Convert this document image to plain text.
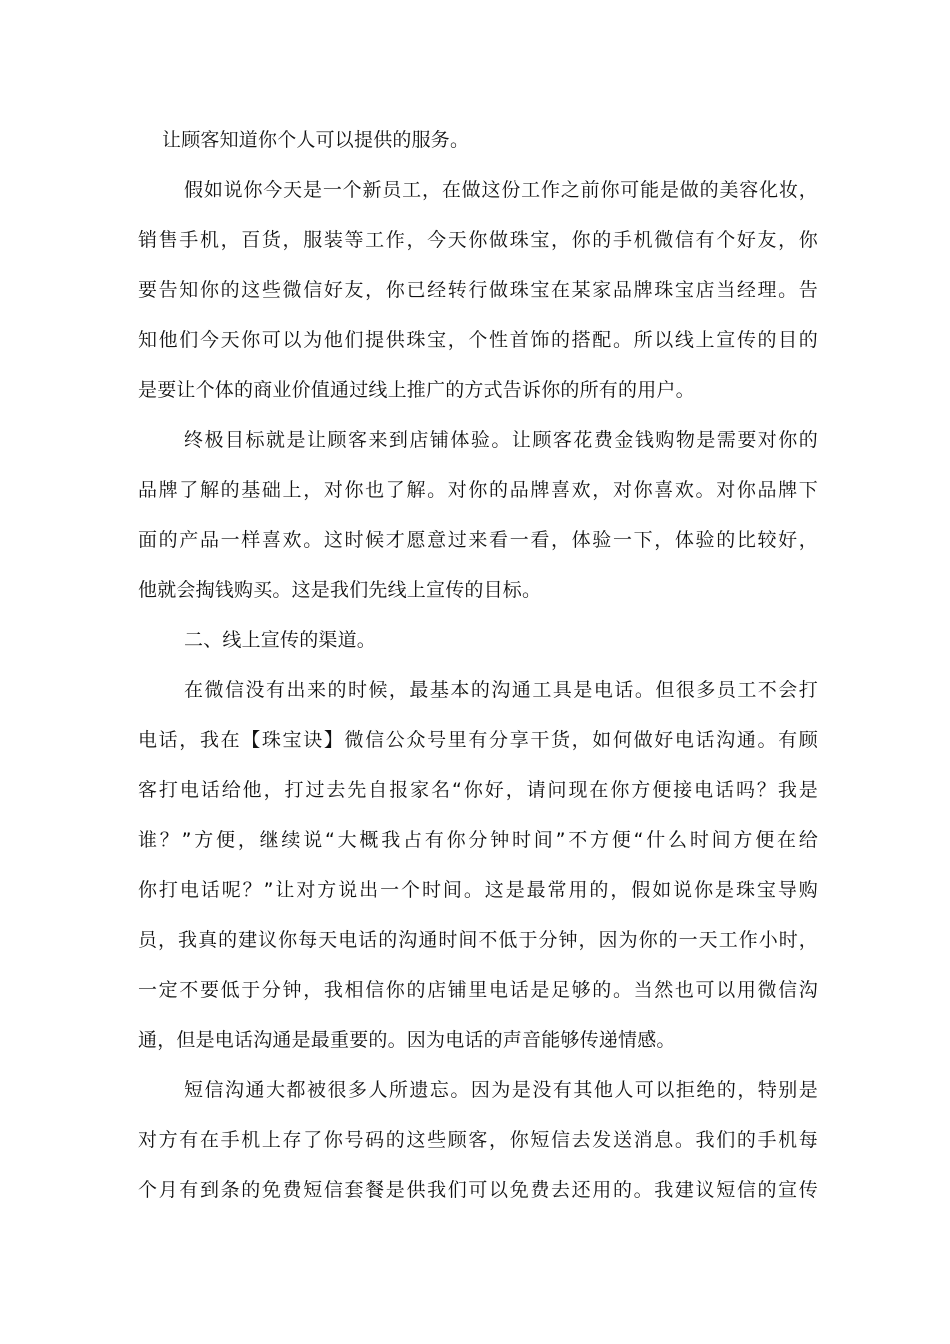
让顾客知道你个人可以提供的服务。
假如说你今天是一个新员工，在做这份工作之前你可能是做的美容化妆，
销售手机，百货，服装等工作，今天你做珠宝，你的手机微信有个好友，你
要告知你的这些微信好友，你已经转行做珠宝在某家品牌珠宝店当经理。告
知他们今天你可以为他们提供珠宝，个性首饰的搭配。所以线上宣传的目的
是要让个体的商业价值通过线上推广的方式告诉你的所有的用户。
终极目标就是让顾客来到店铺体验。让顾客花费金钱购物是需要对你的
品牌了解的基础上，对你也了解。对你的品牌喜欢，对你喜欢。对你品牌下
面的产品一样喜欢。这时候才愿意过来看一看，体验一下，体验的比较好，
他就会掏钱购买。这是我们先线上宣传的目标。
二、线上宣传的渠道。
在微信没有出来的时候，最基本的沟通工具是电话。但很多员工不会打
电话，我在【珠宝诀】微信公众号里有分享干货，如何做好电话沟通。有顾
客打电话给他，打过去先自报家名“你好，请问现在你方便接电话吗？我是
谁？”方便，继续说“大概我占有你分钟时间”不方便“什么时间方便在给
你打电话呢？”让对方说出一个时间。这是最常用的，假如说你是珠宝导购
员，我真的建议你每天电话的沟通时间不低于分钟，因为你的一天工作小时，
一定不要低于分钟，我相信你的店铺里电话是足够的。当然也可以用微信沟
通，但是电话沟通是最重要的。因为电话的声音能够传递情感。
短信沟通大都被很多人所遗忘。因为是没有其他人可以拒绝的，特别是
对方有在手机上存了你号码的这些顾客，你短信去发送消息。我们的手机每
个月有到条的免费短信套餐是供我们可以免费去还用的。我建议短信的宣传
